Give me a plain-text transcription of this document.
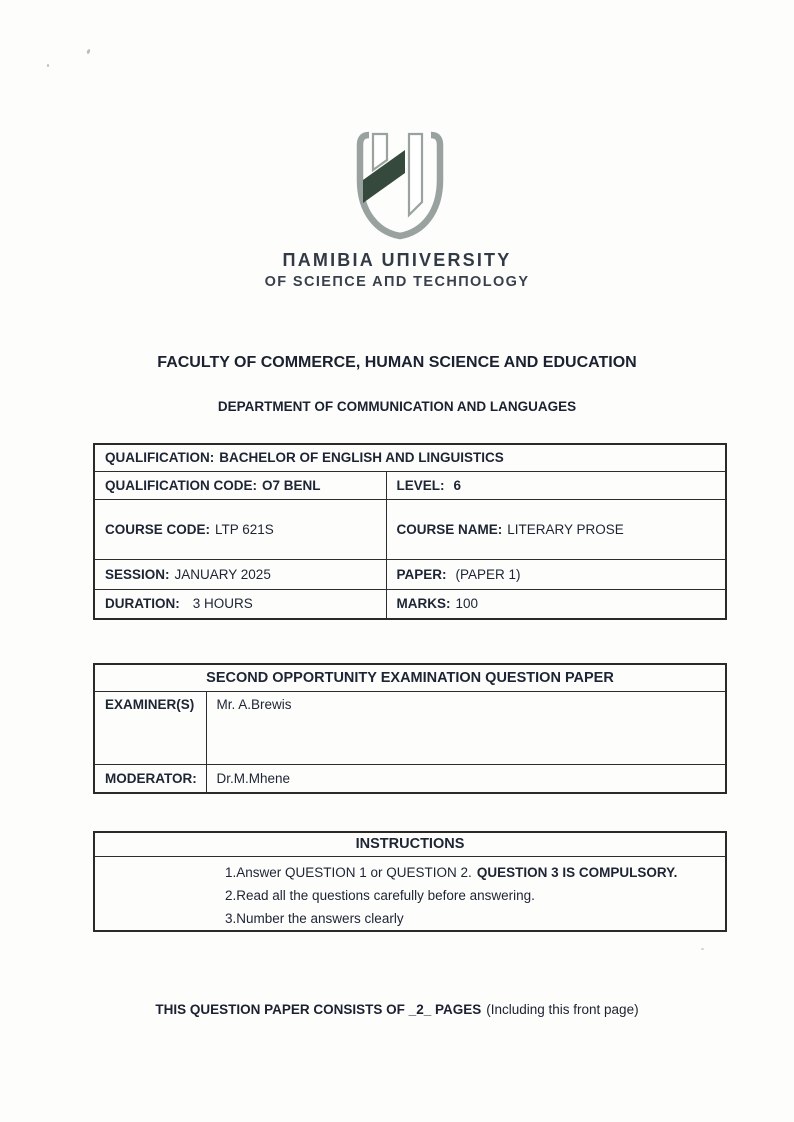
ΠAMIBIA UΠIVERSITY
OF SCIEΠCE AΠD TECHΠOLOGY
FACULTY OF COMMERCE, HUMAN SCIENCE AND EDUCATION
DEPARTMENT OF COMMUNICATION AND LANGUAGES
QUALIFICATION: BACHELOR OF ENGLISH AND LINGUISTICS	
QUALIFICATION CODE: O7 BENL	LEVEL: 6
COURSE CODE: LTP 621S	COURSE NAME: LITERARY PROSE
SESSION: JANUARY 2025	PAPER: (PAPER 1)
DURATION: 3 HOURS	MARKS: 100
SECOND OPPORTUNITY EXAMINATION QUESTION PAPER	
EXAMINER(S)	Mr. A.Brewis
MODERATOR:	Dr.M.Mhene
INSTRUCTIONS

1.Answer QUESTION 1 or QUESTION 2. QUESTION 3 IS COMPULSORY.
2.Read all the questions carefully before answering.
3.Number the answers clearly
THIS QUESTION PAPER CONSISTS OF _2_ PAGES (Including this front page)
